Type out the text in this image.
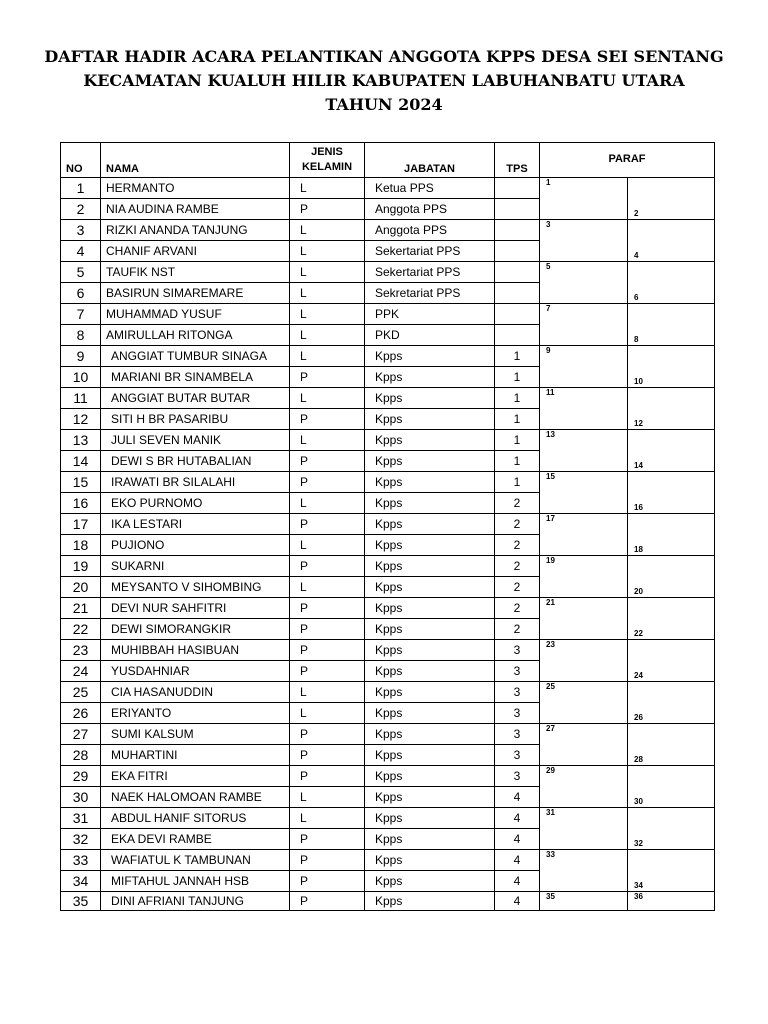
DAFTAR HADIR ACARA PELANTIKAN ANGGOTA KPPS DESA SEI SENTANG
KECAMATAN KUALUH HILIR KABUPATEN LABUHANBATU UTARA
TAHUN 2024
NO	NAMA	JENIS
KELAMIN	JABATAN	TPS	PARAF	
1	HERMANTO	L	Ketua PPS		1	2
2	NIA AUDINA RAMBE	P	Anggota PPS			
3	RIZKI ANANDA TANJUNG	L	Anggota PPS		3	4
4	CHANIF ARVANI	L	Sekertariat PPS			
5	TAUFIK NST	L	Sekertariat PPS		5	6
6	BASIRUN SIMAREMARE	L	Sekretariat PPS			
7	MUHAMMAD YUSUF	L	PPK		7	8
8	AMIRULLAH RITONGA	L	PKD			
9	ANGGIAT TUMBUR SINAGA	L	Kpps	1	9	10
10	MARIANI BR SINAMBELA	P	Kpps	1		
11	ANGGIAT BUTAR BUTAR	L	Kpps	1	11	12
12	SITI H BR PASARIBU	P	Kpps	1		
13	JULI SEVEN MANIK	L	Kpps	1	13	14
14	DEWI S BR HUTABALIAN	P	Kpps	1		
15	IRAWATI BR SILALAHI	P	Kpps	1	15	16
16	EKO PURNOMO	L	Kpps	2		
17	IKA LESTARI	P	Kpps	2	17	18
18	PUJIONO	L	Kpps	2		
19	SUKARNI	P	Kpps	2	19	20
20	MEYSANTO V SIHOMBING	L	Kpps	2		
21	DEVI NUR SAHFITRI	P	Kpps	2	21	22
22	DEWI SIMORANGKIR	P	Kpps	2		
23	MUHIBBAH HASIBUAN	P	Kpps	3	23	24
24	YUSDAHNIAR	P	Kpps	3		
25	CIA HASANUDDIN	L	Kpps	3	25	26
26	ERIYANTO	L	Kpps	3		
27	SUMI KALSUM	P	Kpps	3	27	28
28	MUHARTINI	P	Kpps	3		
29	EKA FITRI	P	Kpps	3	29	30
30	NAEK HALOMOAN RAMBE	L	Kpps	4		
31	ABDUL HANIF SITORUS	L	Kpps	4	31	32
32	EKA DEVI RAMBE	P	Kpps	4		
33	WAFIATUL K TAMBUNAN	P	Kpps	4	33	34
34	MIFTAHUL JANNAH HSB	P	Kpps	4		
35	DINI AFRIANI TANJUNG	P	Kpps	4	35	36
